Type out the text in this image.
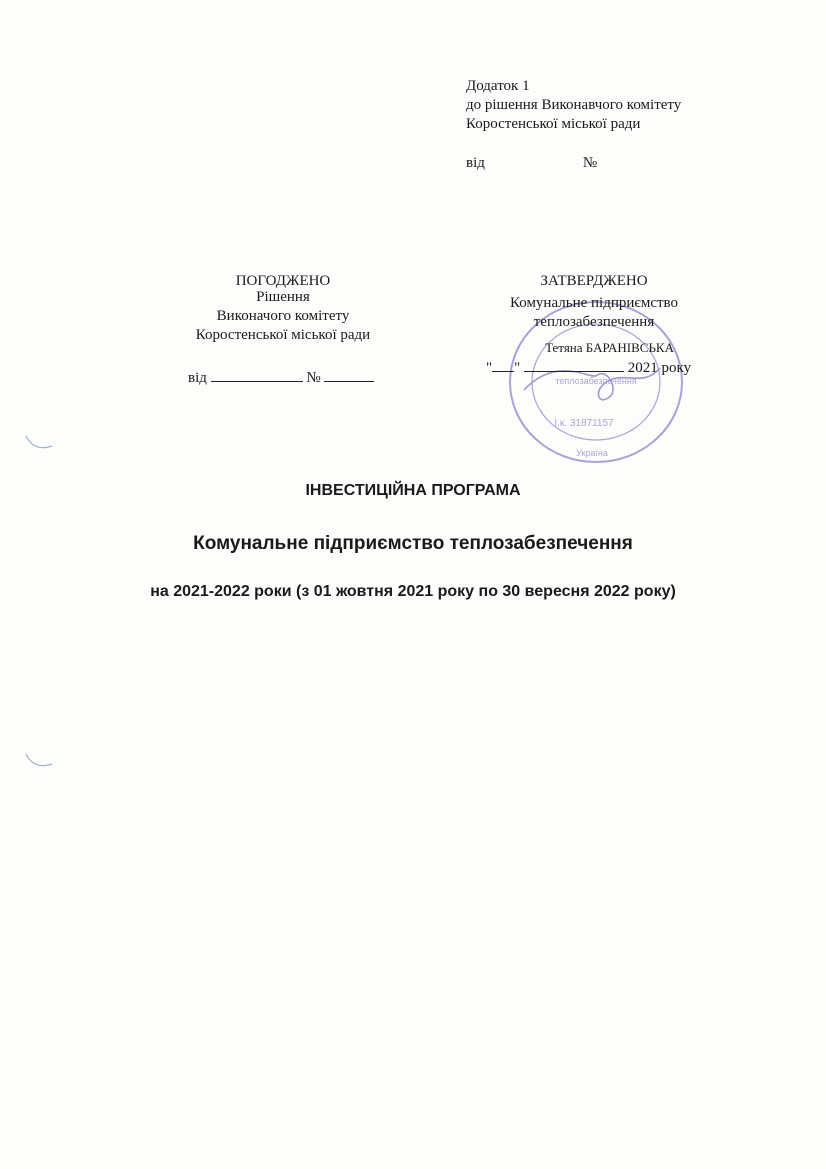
Додаток 1
до рішення Виконавчого комітету
Коростенської міської ради
від	№
ПОГОДЖЕНО
Рішення
Виконачого комітету
Коростенської міської ради
від	№	теплозабезпечення
І.к. 31871157
Україна
ЗАТВЕРДЖЕНО
Комунальне підприємство
теплозабезпечення
Тетяна БАРАНІВСЬКА
" "	2021 року
ІНВЕСТИЦІЙНА ПРОГРАМА
Комунальне підприємство теплозабезпечення
на 2021-2022 роки (з 01 жовтня 2021 року по 30 вересня 2022 року)
